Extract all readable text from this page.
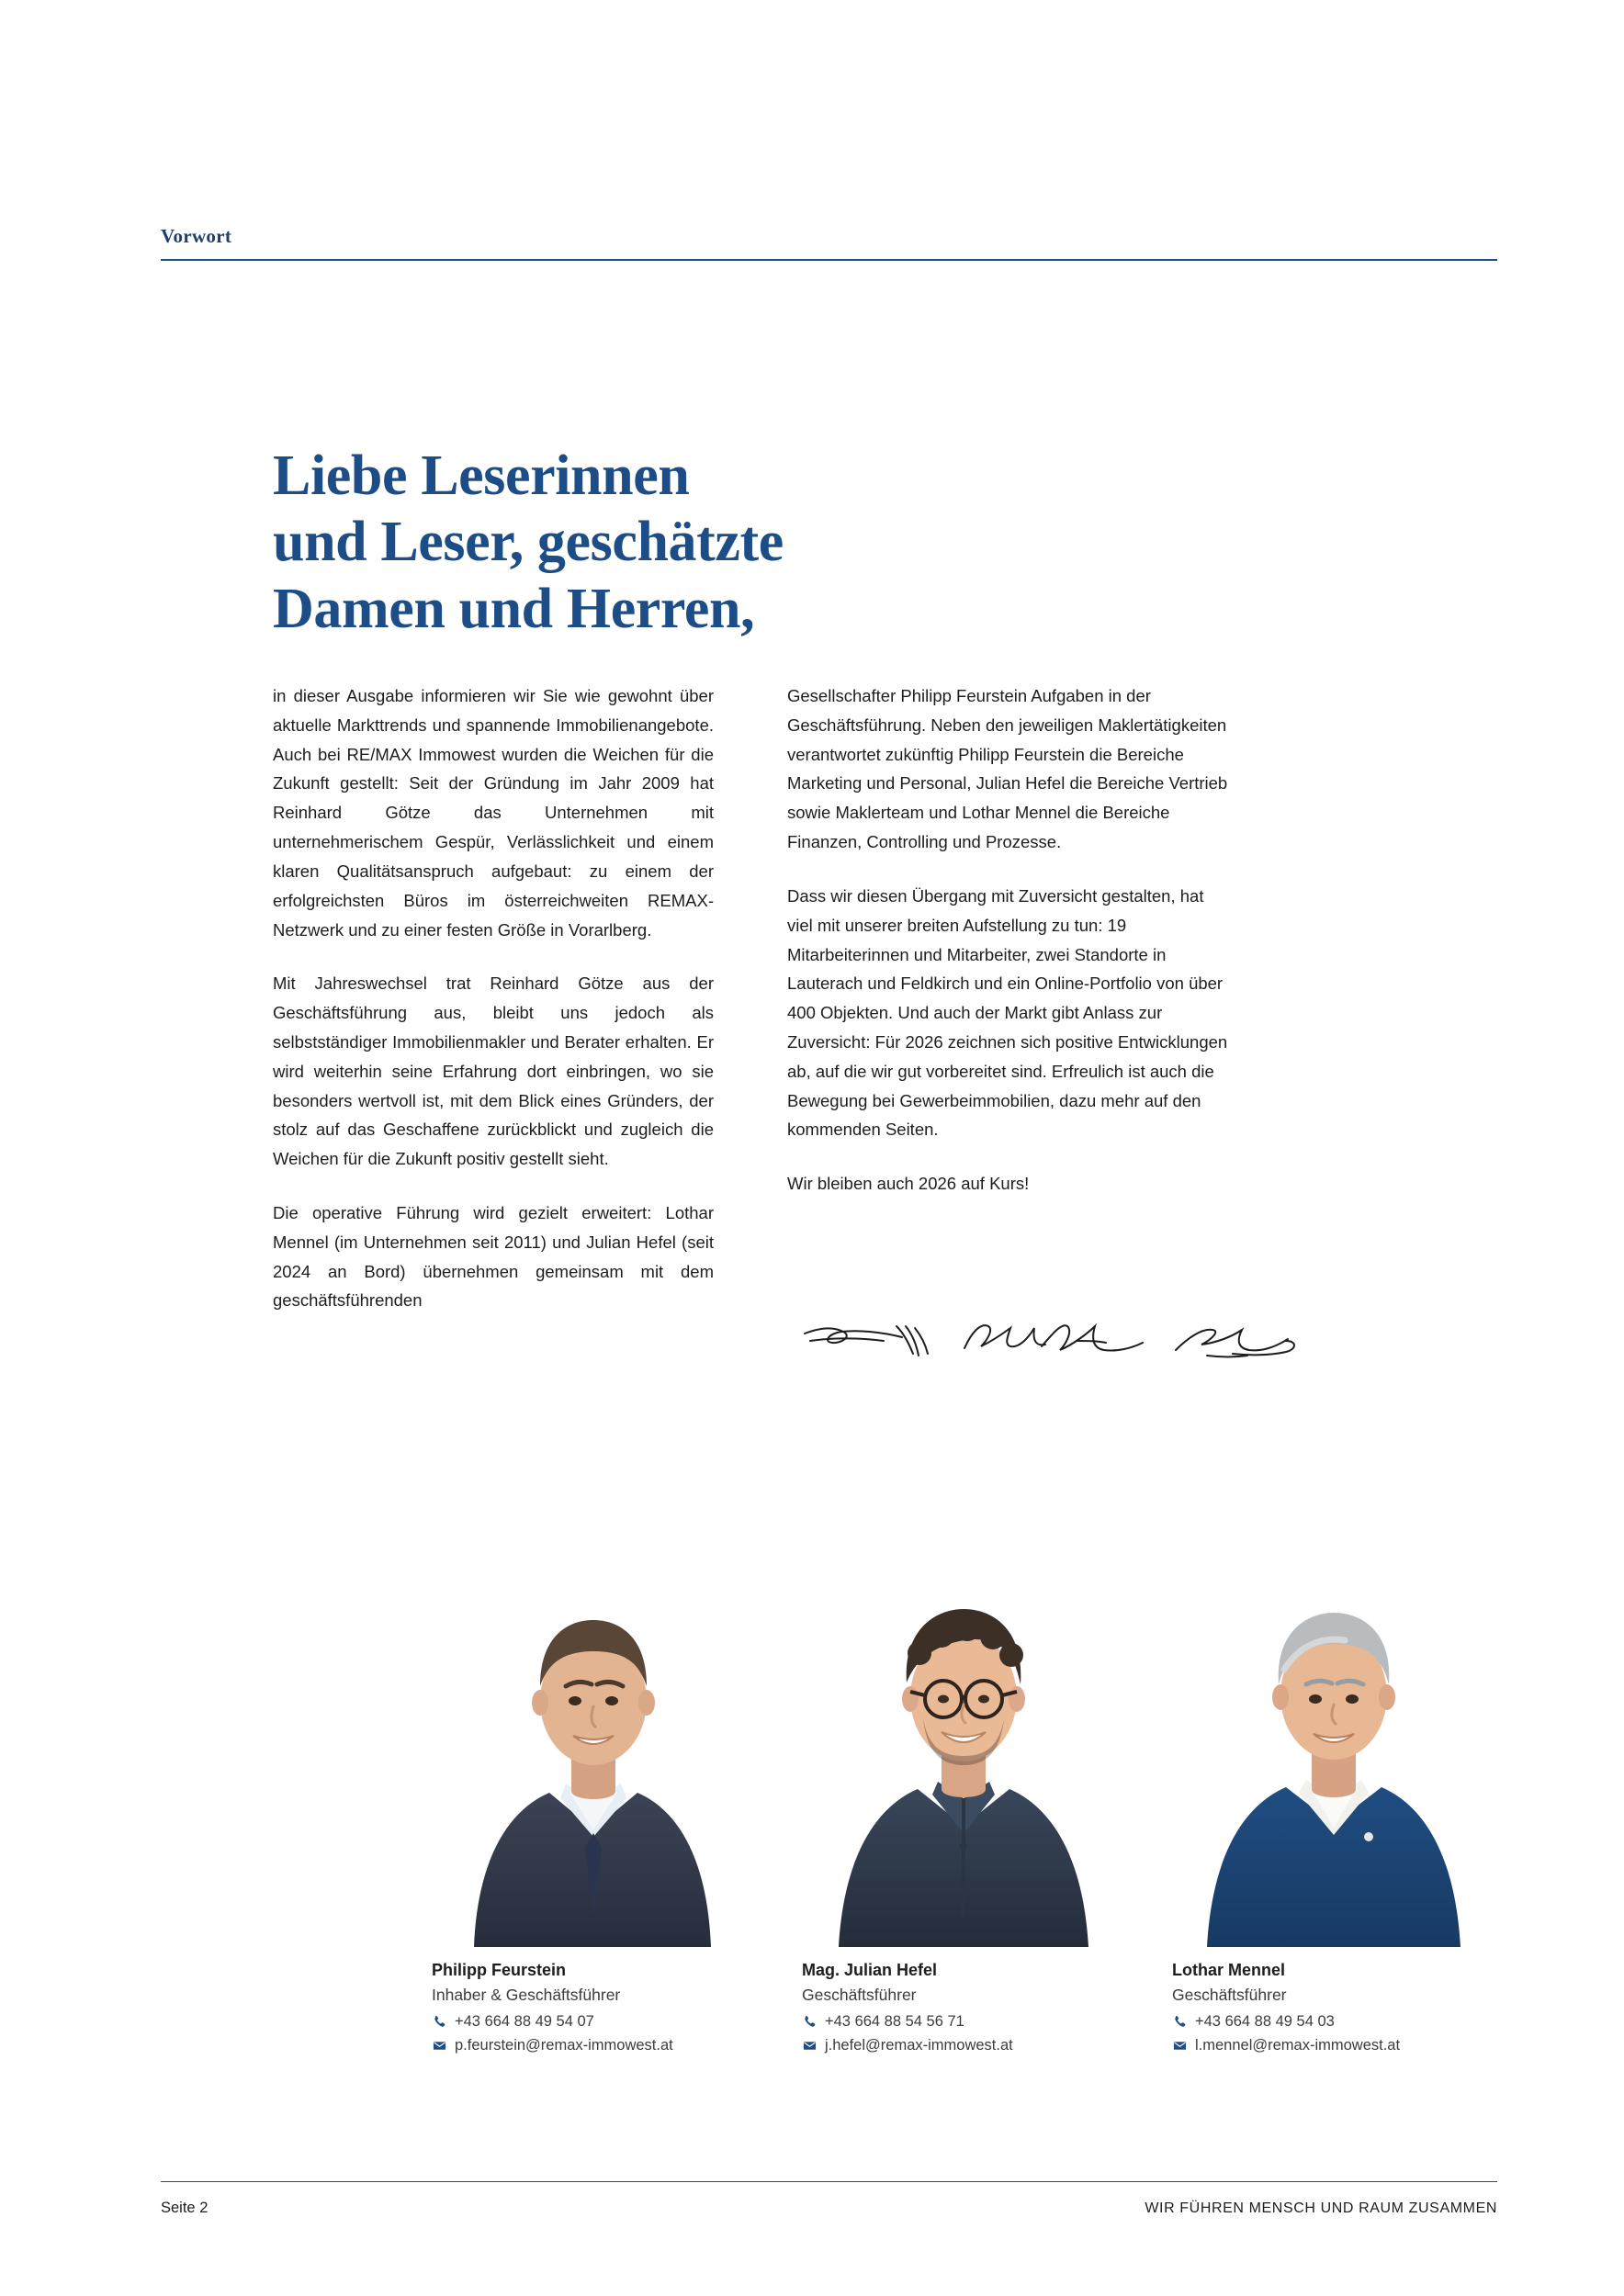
Vorwort
Liebe Leserinnen
und Leser, geschätzte
Damen und Herren,

in dieser Ausgabe informieren wir Sie wie gewohnt über aktuelle Markttrends und spannende Immobilienangebote. Auch bei RE/MAX Immowest wurden die Weichen für die Zukunft gestellt: Seit der Gründung im Jahr 2009 hat Reinhard Götze das Unternehmen mit unternehmerischem Gespür, Verlässlichkeit und einem klaren Qualitätsanspruch aufgebaut: zu einem der erfolgreichsten Büros im österreichweiten REMAX-Netzwerk und zu einer festen Größe in Vorarlberg.

Mit Jahreswechsel trat Reinhard Götze aus der Geschäftsführung aus, bleibt uns jedoch als selbstständiger Immobilienmakler und Berater erhalten. Er wird weiterhin seine Erfahrung dort einbringen, wo sie besonders wertvoll ist, mit dem Blick eines Gründers, der stolz auf das Geschaffene zurückblickt und zugleich die Weichen für die Zukunft positiv gestellt sieht.

Die operative Führung wird gezielt erweitert: Lothar Mennel (im Unternehmen seit 2011) und Julian Hefel (seit 2024 an Bord) übernehmen gemeinsam mit dem geschäftsführenden

Gesellschafter Philipp Feurstein Aufgaben in der Geschäftsführung. Neben den jeweiligen Maklertätigkeiten verantwortet zukünftig Philipp Feurstein die Bereiche Marketing und Personal, Julian Hefel die Bereiche Vertrieb sowie Maklerteam und Lothar Mennel die Bereiche Finanzen, Controlling und Prozesse.

Dass wir diesen Übergang mit Zuversicht gestalten, hat viel mit unserer breiten Aufstellung zu tun: 19 Mitarbeiterinnen und Mitarbeiter, zwei Standorte in Lauterach und Feldkirch und ein Online-Portfolio von über 400 Objekten. Und auch der Markt gibt Anlass zur Zuversicht: Für 2026 zeichnen sich positive Entwicklungen ab, auf die wir gut vorbereitet sind. Erfreulich ist auch die Bewegung bei Gewerbeimmobilien, dazu mehr auf den kommenden Seiten.

Wir bleiben auch 2026 auf Kurs!

Philipp Feurstein
Inhaber & Geschäftsführer
+43 664 88 49 54 07
p.feurstein@remax-immowest.at
Mag. Julian Hefel
Geschäftsführer
+43 664 88 54 56 71
j.hefel@remax-immowest.at
Lothar Mennel
Geschäftsführer
+43 664 88 49 54 03
l.mennel@remax-immowest.at
Seite 2	WIR FÜHREN MENSCH UND RAUM ZUSAMMEN
